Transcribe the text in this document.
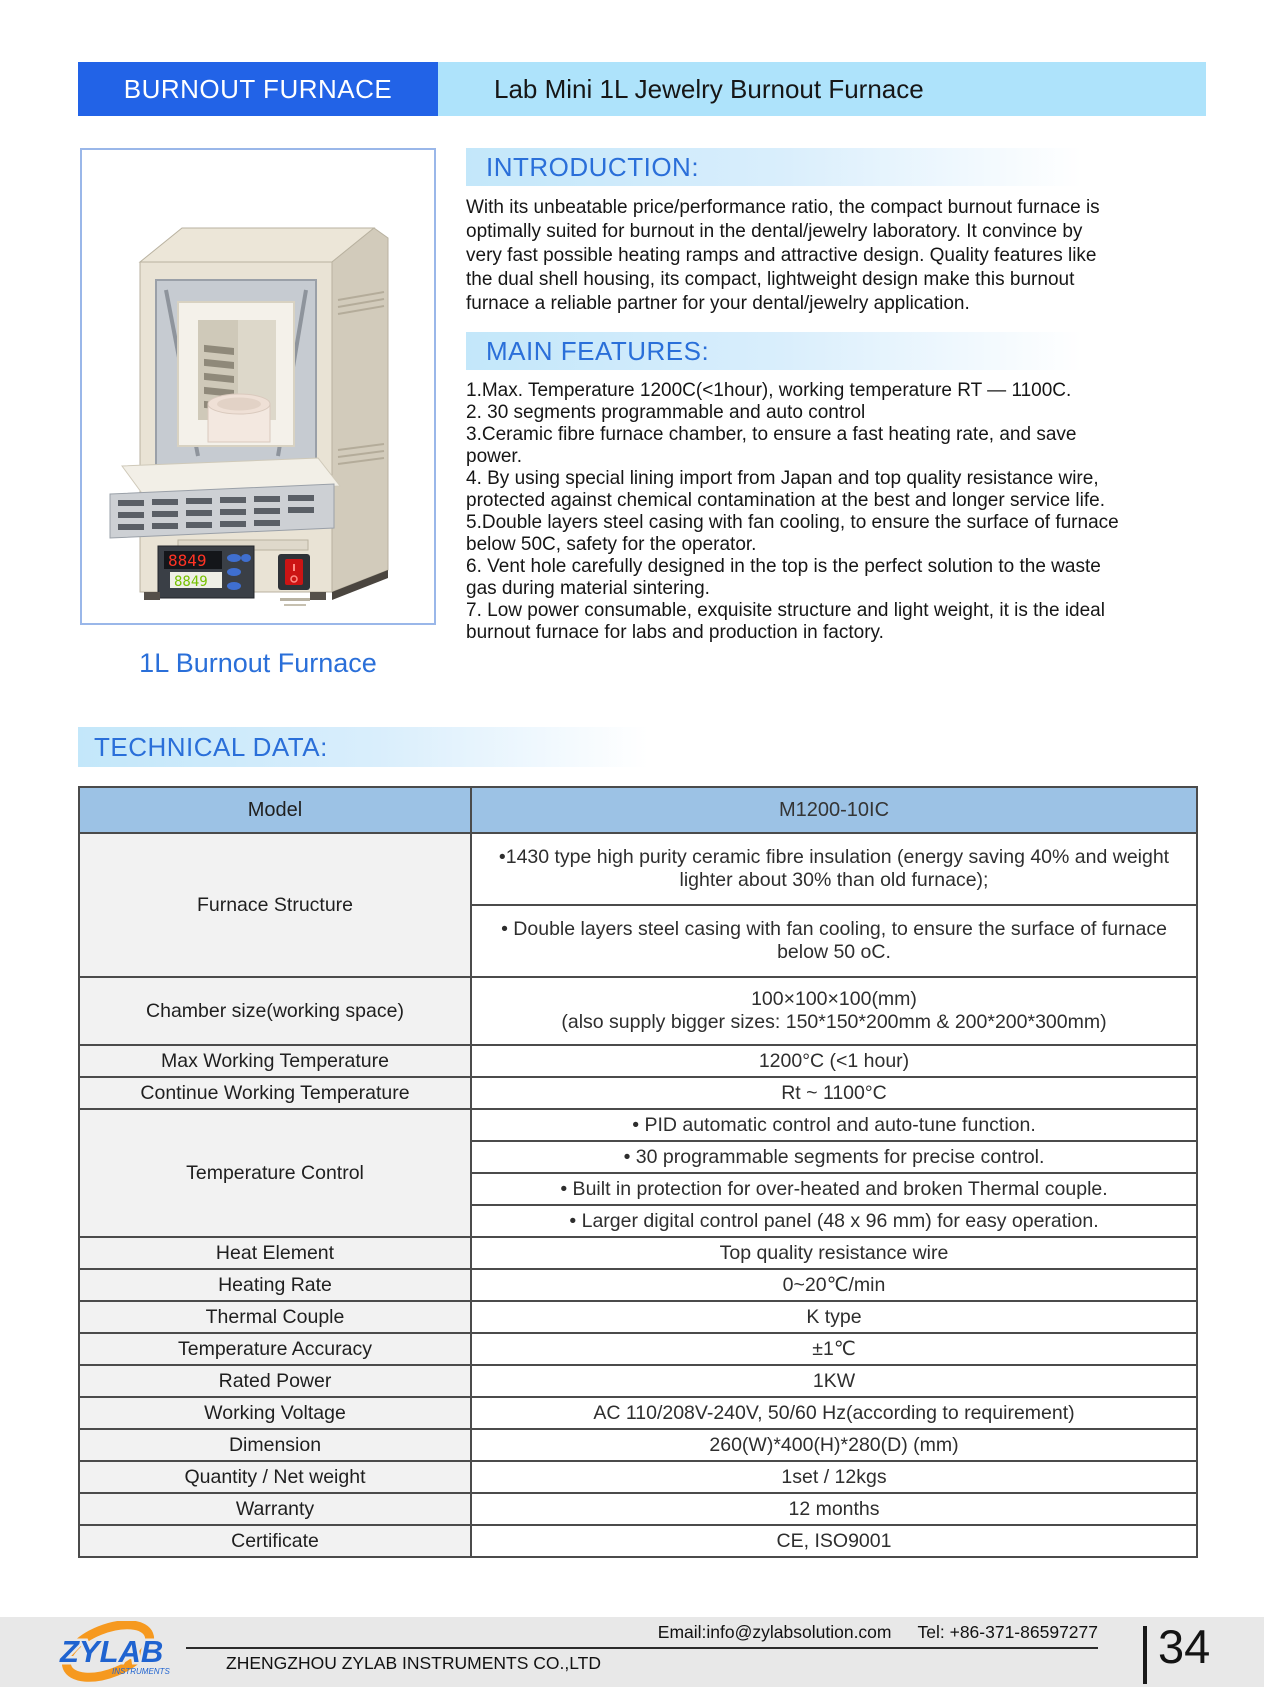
BURNOUT FURNACE	Lab Mini 1L Jewelry Burnout Furnace
8849
8849
1L Burnout Furnace
INTRODUCTION:
With its unbeatable price/performance ratio, the compact burnout furnace is optimally suited for burnout in the dental/jewelry laboratory. It convince by very fast possible heating ramps and attractive design. Quality features like the dual shell housing, its compact, lightweight design make this burnout furnace a reliable partner for your dental/jewelry application.
MAIN FEATURES:

1.Max. Temperature 1200C(<1hour), working temperature RT — 1100C.

2. 30 segments programmable and auto control

3.Ceramic fibre furnace chamber, to ensure a fast heating rate, and save power.

4. By using special lining import from Japan and top quality resistance wire, protected against chemical contamination at the best and longer service life.

5.Double layers steel casing with fan cooling, to ensure the surface of furnace below 50C, safety for the operator.

6. Vent hole carefully designed in the top is the perfect solution to the waste gas during material sintering.

7. Low power consumable, exquisite structure and light weight, it is the ideal burnout furnace for labs and production in factory.

TECHNICAL DATA:
Model	M1200-10IC
Furnace Structure	•1430 type high purity ceramic fibre insulation (energy saving 40% and weight lighter about 30% than old furnace);
	• Double layers steel casing with fan cooling, to ensure the surface of furnace below 50 oC.
Chamber size(working space)	100×100×100(mm)
(also supply bigger sizes: 150*150*200mm & 200*200*300mm)

Max Working Temperature	1200°C (<1 hour)
Continue Working Temperature	Rt ~ 1100°C
Temperature Control	• PID automatic control and auto-tune function.
	• 30 programmable segments for precise control.
	• Built in protection for over-heated and broken Thermal couple.
	• Larger digital control panel (48 x 96 mm) for easy operation.
Heat Element	Top quality resistance wire
Heating Rate	0~20℃/min
Thermal Couple	K type
Temperature Accuracy	±1℃
Rated Power	1KW
Working Voltage	AC 110/208V-240V, 50/60 Hz(according to requirement)
Dimension	260(W)*400(H)*280(D) (mm)
Quantity / Net weight	1set / 12kgs
Warranty	12 months
Certificate	CE, ISO9001
ZYLAB
INSTRUMENTS
Email:info@zylabsolution.com Tel: +86-371-86597277
ZHENGZHOU ZYLAB INSTRUMENTS CO.,LTD	34
